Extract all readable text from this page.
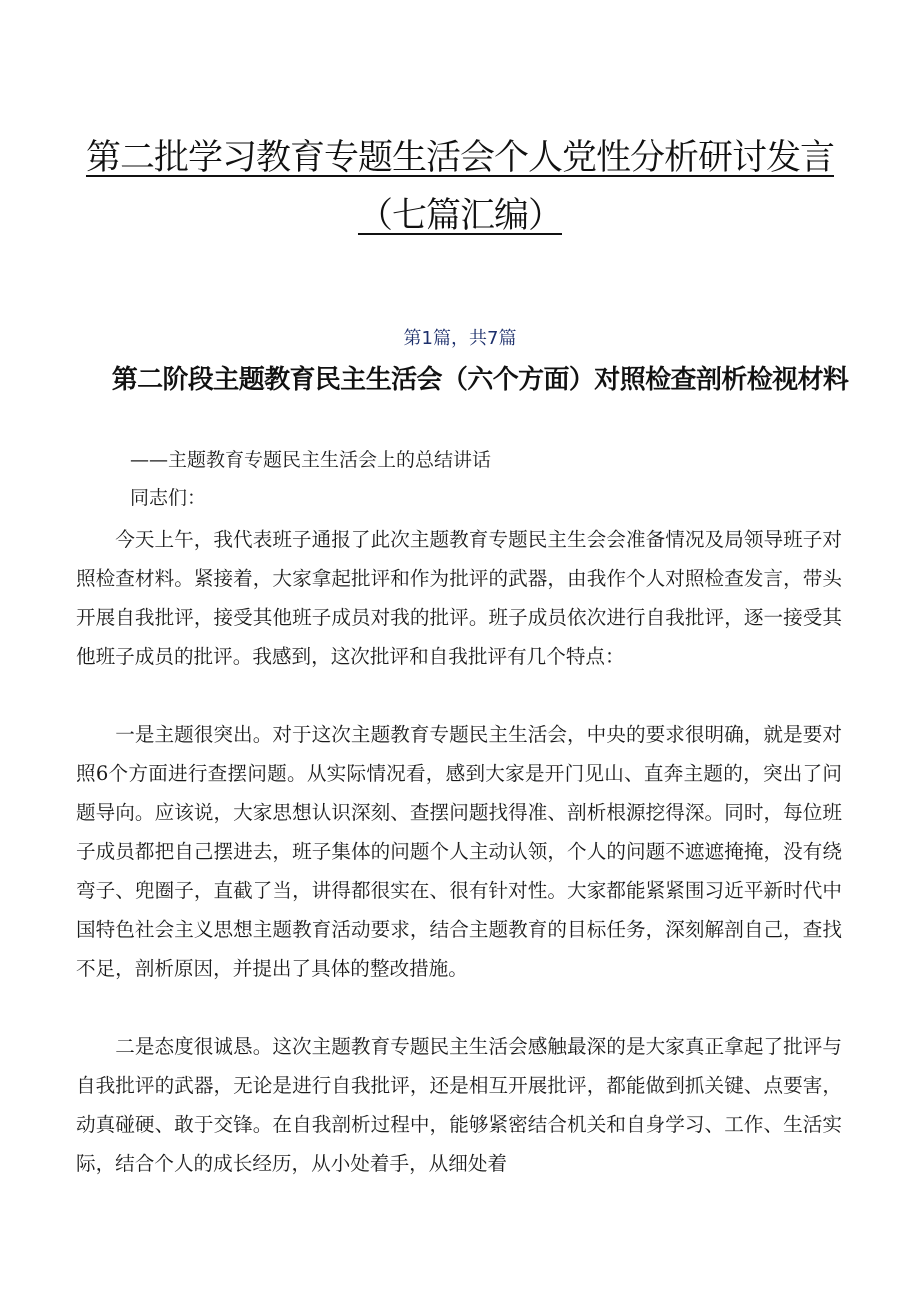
第二批学习教育专题生活会个人党性分析研讨发言
（七篇汇编）
第1篇，共7篇
第二阶段主题教育民主生活会（六个方面）对照检查剖析检视材料
——主题教育专题民主生活会上的总结讲话
同志们：

今天上午，我代表班子通报了此次主题教育专题民主生会会准备情况及局领导班子对照检查材料。紧接着，大家拿起批评和作为批评的武器，由我作个人对照检查发言，带头开展自我批评，接受其他班子成员对我的批评。班子成员依次进行自我批评，逐一接受其他班子成员的批评。我感到，这次批评和自我批评有几个特点：

一是主题很突出。对于这次主题教育专题民主生活会，中央的要求很明确，就是要对照6个方面进行查摆问题。从实际情况看，感到大家是开门见山、直奔主题的，突出了问题导向。应该说，大家思想认识深刻、查摆问题找得准、剖析根源挖得深。同时，每位班子成员都把自己摆进去，班子集体的问题个人主动认领，个人的问题不遮遮掩掩，没有绕弯子、兜圈子，直截了当，讲得都很实在、很有针对性。大家都能紧紧围习近平新时代中国特色社会主义思想主题教育活动要求，结合主题教育的目标任务，深刻解剖自己，查找不足，剖析原因，并提出了具体的整改措施。

二是态度很诚恳。这次主题教育专题民主生活会感触最深的是大家真正拿起了批评与自我批评的武器，无论是进行自我批评，还是相互开展批评，都能做到抓关键、点要害，动真碰硬、敢于交锋。在自我剖析过程中，能够紧密结合机关和自身学习、工作、生活实际，结合个人的成长经历，从小处着手，从细处着
